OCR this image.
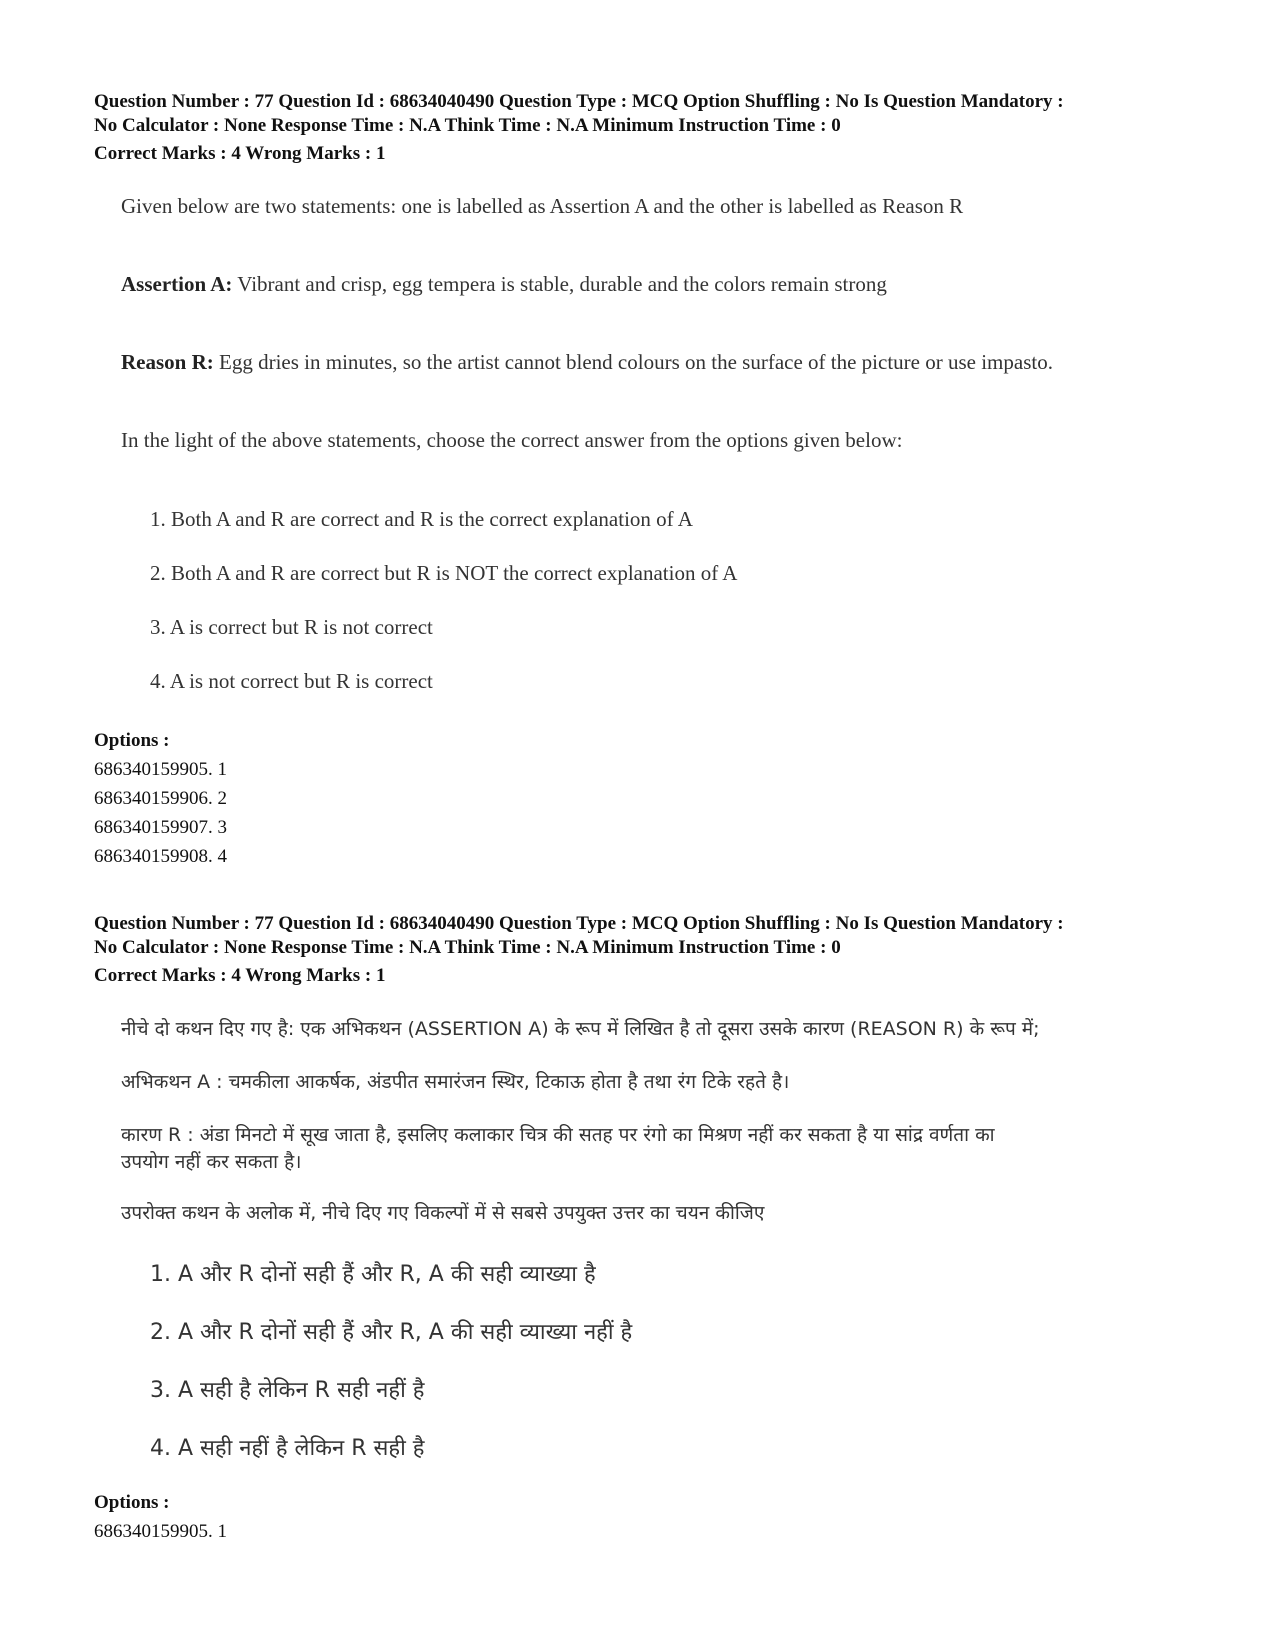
Question Number : 77 Question Id : 68634040490 Question Type : MCQ Option Shuffling : No Is Question Mandatory :
No Calculator : None Response Time : N.A Think Time : N.A Minimum Instruction Time : 0
Correct Marks : 4 Wrong Marks : 1
Given below are two statements: one is labelled as Assertion A and the other is labelled as Reason R
Assertion A: Vibrant and crisp, egg tempera is stable, durable and the colors remain strong
Reason R: Egg dries in minutes, so the artist cannot blend colours on the surface of the picture or use impasto.
In the light of the above statements, choose the correct answer from the options given below:
1. Both A and R are correct and R is the correct explanation of A
2. Both A and R are correct but R is NOT the correct explanation of A
3. A is correct but R is not correct
4. A is not correct but R is correct
Options :
686340159905. 1
686340159906. 2
686340159907. 3
686340159908. 4
Question Number : 77 Question Id : 68634040490 Question Type : MCQ Option Shuffling : No Is Question Mandatory :
No Calculator : None Response Time : N.A Think Time : N.A Minimum Instruction Time : 0
Correct Marks : 4 Wrong Marks : 1
नीचे दो कथन दिए गए है: एक अभिकथन (ASSERTION A) के रूप में लिखित है तो दूसरा उसके कारण (REASON R) के रूप में;
अभिकथन A : चमकीला आकर्षक, अंडपीत समारंजन स्थिर, टिकाऊ होता है तथा रंग टिके रहते है।
कारण R : अंडा मिनटो में सूख जाता है, इसलिए कलाकार चित्र की सतह पर रंगो का मिश्रण नहीं कर सकता है या सांद्र वर्णता का
उपयोग नहीं कर सकता है।
उपरोक्त कथन के अलोक में, नीचे दिए गए विकल्पों में से सबसे उपयुक्त उत्तर का चयन कीजिए
1. A और R दोनों सही हैं और R, A की सही व्याख्या है
2. A और R दोनों सही हैं और R, A की सही व्याख्या नहीं है
3. A सही है लेकिन R सही नहीं है
4. A सही नहीं है लेकिन R सही है
Options :
686340159905. 1
